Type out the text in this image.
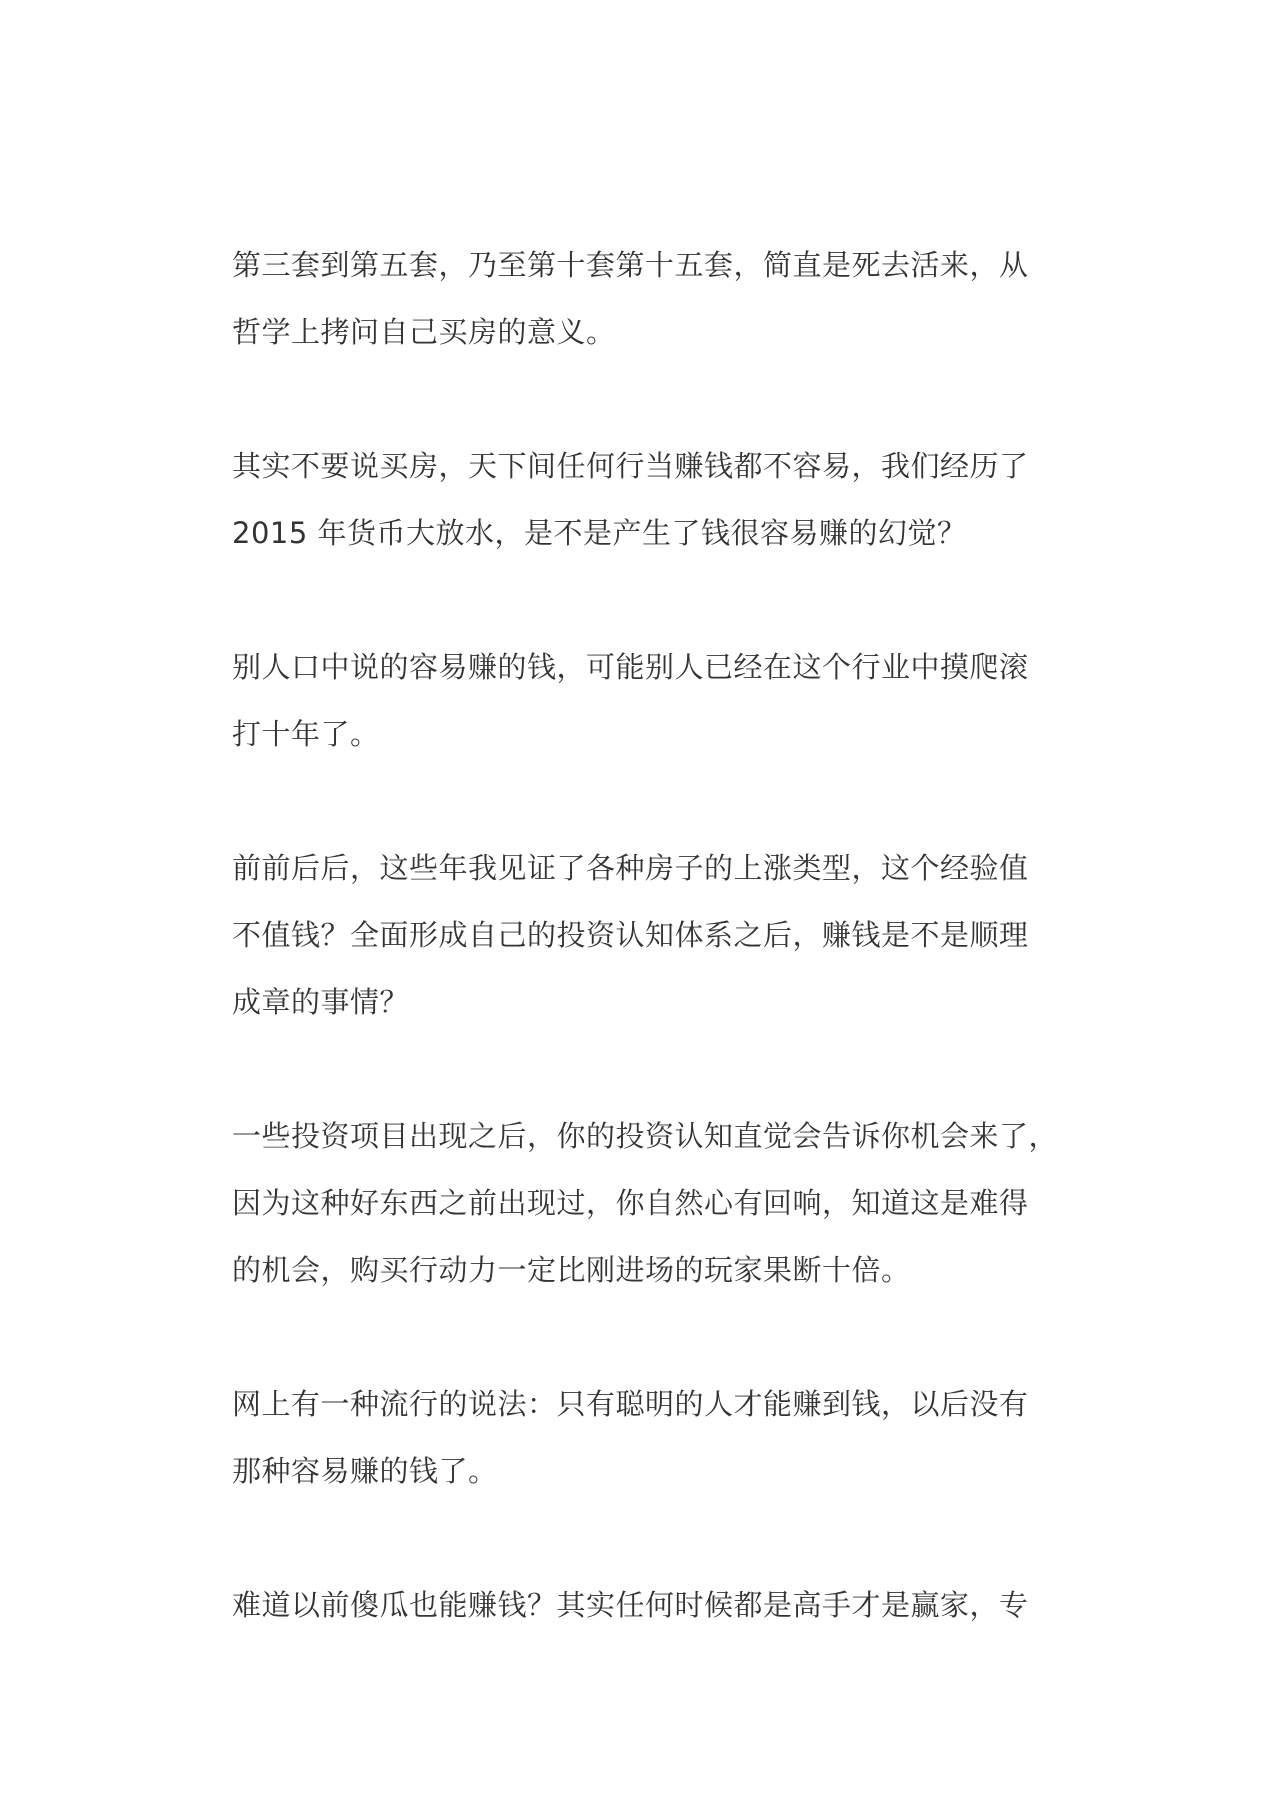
第三套到第五套，乃至第十套第十五套，简直是死去活来，从
哲学上拷问自己买房的意义。

其实不要说买房，天下间任何行当赚钱都不容易，我们经历了
2015 年货币大放水，是不是产生了钱很容易赚的幻觉？

别人口中说的容易赚的钱，可能别人已经在这个行业中摸爬滚
打十年了。

前前后后，这些年我见证了各种房子的上涨类型，这个经验值
不值钱？全面形成自己的投资认知体系之后，赚钱是不是顺理
成章的事情？

一些投资项目出现之后，你的投资认知直觉会告诉你机会来了，
因为这种好东西之前出现过，你自然心有回响，知道这是难得
的机会，购买行动力一定比刚进场的玩家果断十倍。

网上有一种流行的说法：只有聪明的人才能赚到钱，以后没有
那种容易赚的钱了。

难道以前傻瓜也能赚钱？其实任何时候都是高手才是赢家，专
